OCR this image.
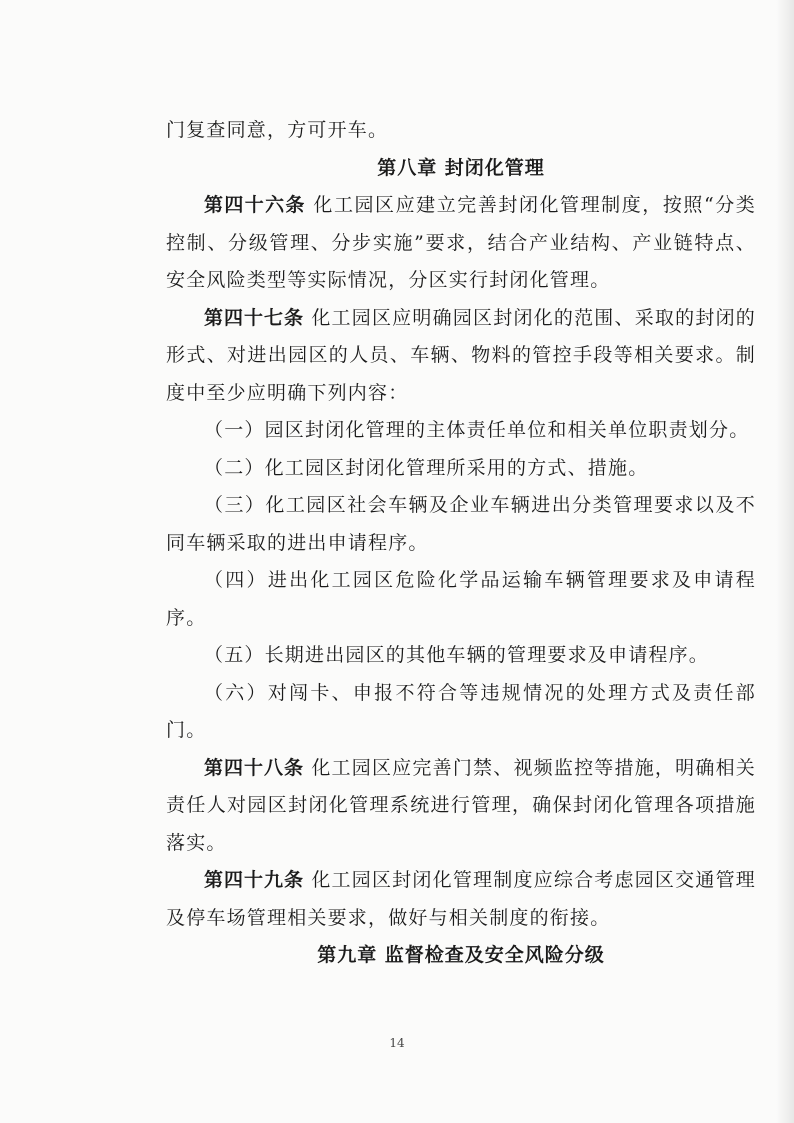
门复查同意，方可开车。

第八章 封闭化管理

第四十六条 化工园区应建立完善封闭化管理制度，按照“分类控制、分级管理、分步实施”要求，结合产业结构、产业链特点、安全风险类型等实际情况，分区实行封闭化管理。

第四十七条 化工园区应明确园区封闭化的范围、采取的封闭的形式、对进出园区的人员、车辆、物料的管控手段等相关要求。制度中至少应明确下列内容：

（一）园区封闭化管理的主体责任单位和相关单位职责划分。

（二）化工园区封闭化管理所采用的方式、措施。

（三）化工园区社会车辆及企业车辆进出分类管理要求以及不同车辆采取的进出申请程序。

（四）进出化工园区危险化学品运输车辆管理要求及申请程序。

（五）长期进出园区的其他车辆的管理要求及申请程序。

（六）对闯卡、申报不符合等违规情况的处理方式及责任部门。

第四十八条 化工园区应完善门禁、视频监控等措施，明确相关责任人对园区封闭化管理系统进行管理，确保封闭化管理各项措施落实。

第四十九条 化工园区封闭化管理制度应综合考虑园区交通管理及停车场管理相关要求，做好与相关制度的衔接。

第九章 监督检查及安全风险分级

14
